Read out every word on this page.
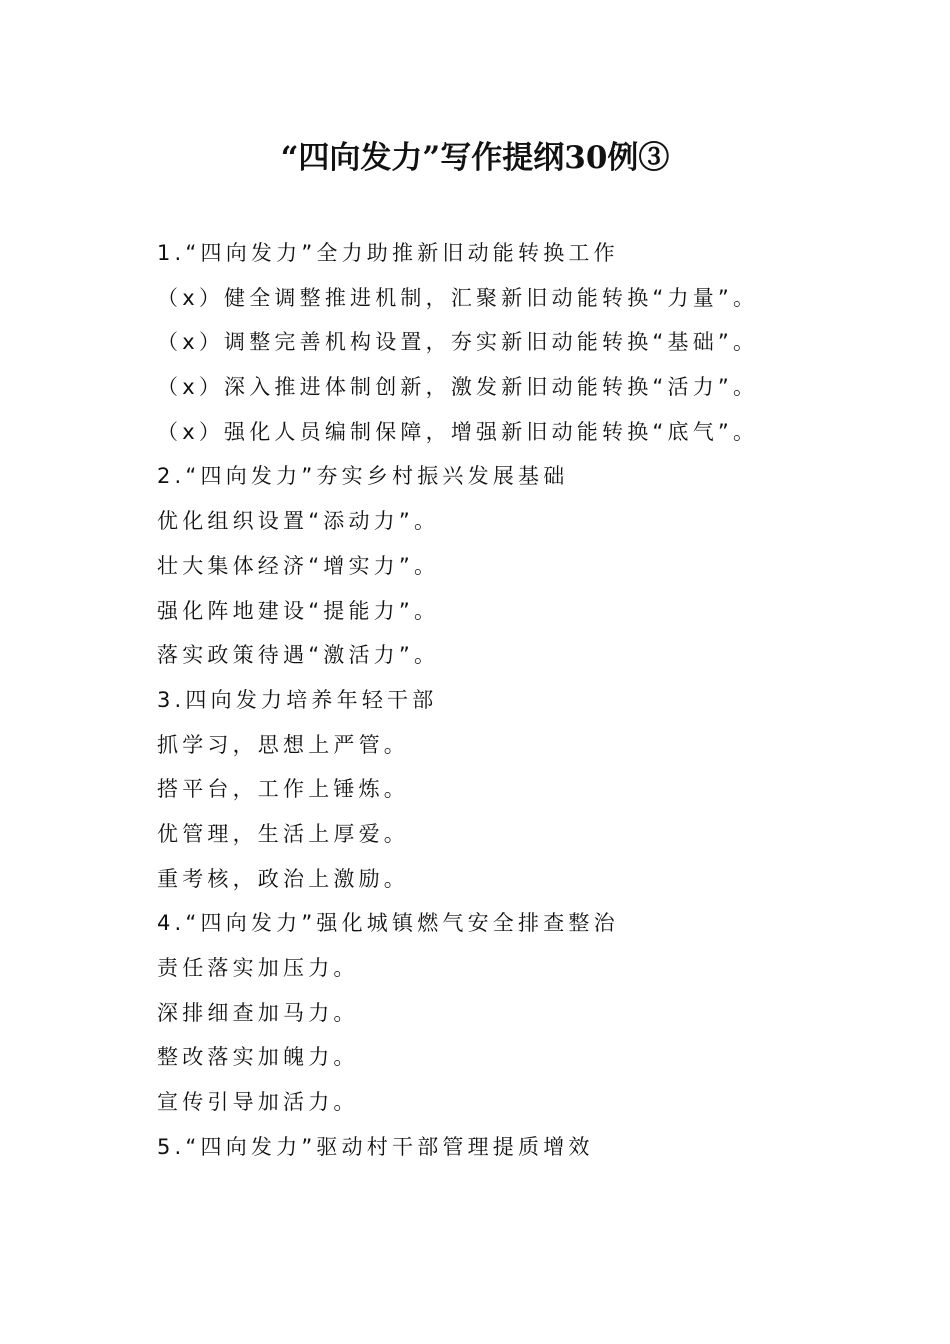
“四向发力”写作提纲30例③
1.“四向发力”全力助推新旧动能转换工作
（x）健全调整推进机制，汇聚新旧动能转换“力量”。
（x）调整完善机构设置，夯实新旧动能转换“基础”。
（x）深入推进体制创新，激发新旧动能转换“活力”。
（x）强化人员编制保障，增强新旧动能转换“底气”。
2.“四向发力”夯实乡村振兴发展基础
优化组织设置“添动力”。
壮大集体经济“增实力”。
强化阵地建设“提能力”。
落实政策待遇“激活力”。
3.四向发力培养年轻干部
抓学习，思想上严管。
搭平台，工作上锤炼。
优管理，生活上厚爱。
重考核，政治上激励。
4.“四向发力”强化城镇燃气安全排查整治
责任落实加压力。
深排细查加马力。
整改落实加魄力。
宣传引导加活力。
5.“四向发力”驱动村干部管理提质增效
